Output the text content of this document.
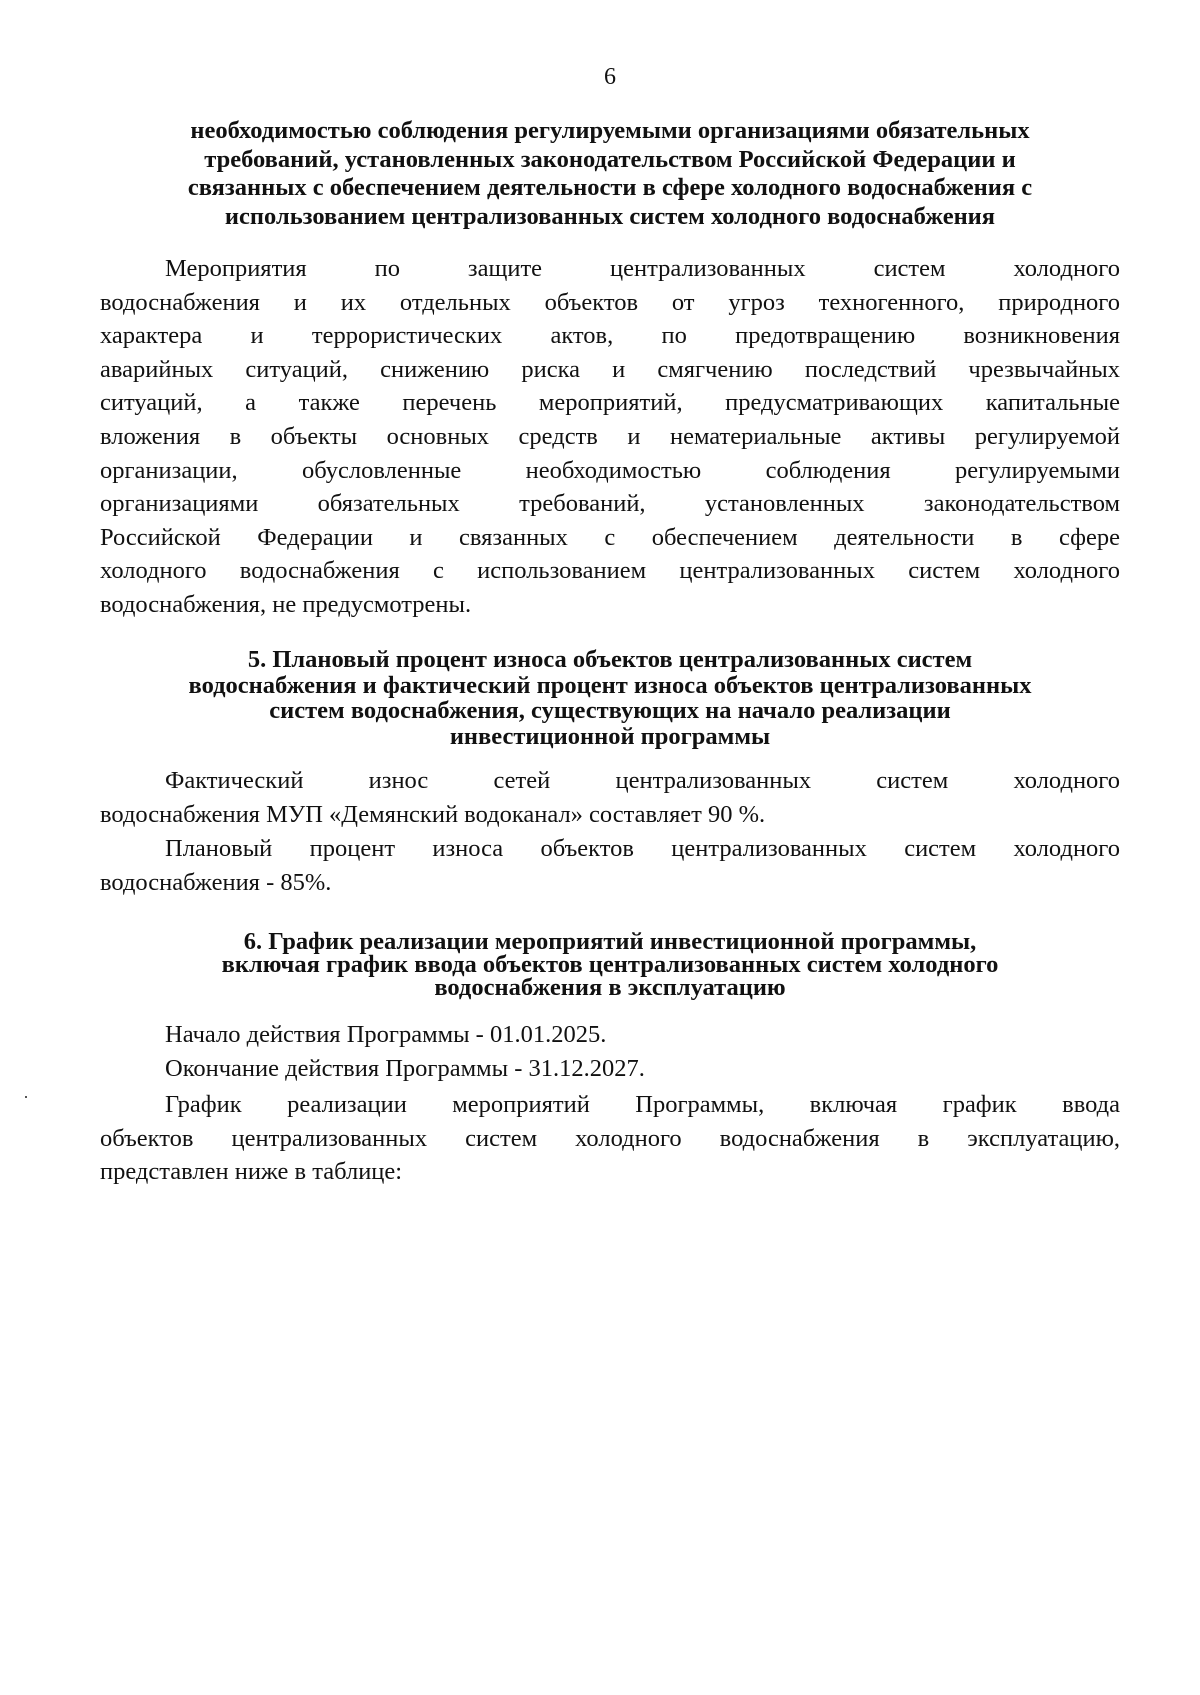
6
необходимостью соблюдения регулируемыми организациями обязательных
требований, установленных законодательством Российской Федерации и
связанных с обеспечением деятельности в сфере холодного водоснабжения с
использованием централизованных систем холодного водоснабжения

Мероприятия по защите централизованных систем холодного
водоснабжения и их отдельных объектов от угроз техногенного, природного
характера и террористических актов, по предотвращению возникновения
аварийных ситуаций, снижению риска и смягчению последствий чрезвычайных
ситуаций, а также перечень мероприятий, предусматривающих капитальные
вложения в объекты основных средств и нематериальные активы регулируемой
организации, обусловленные необходимостью соблюдения регулируемыми
организациями обязательных требований, установленных законодательством
Российской Федерации и связанных с обеспечением деятельности в сфере
холодного водоснабжения с использованием централизованных систем холодного
водоснабжения, не предусмотрены.

5. Плановый процент износа объектов централизованных систем
водоснабжения и фактический процент износа объектов централизованных
систем водоснабжения, существующих на начало реализации
инвестиционной программы

Фактический износ сетей централизованных систем холодного
водоснабжения МУП «Демянский водоканал» составляет 90 %.

Плановый процент износа объектов централизованных систем холодного
водоснабжения - 85%.

6. График реализации мероприятий инвестиционной программы,
включая график ввода объектов централизованных систем холодного
водоснабжения в эксплуатацию

Начало действия Программы - 01.01.2025.

Окончание действия Программы - 31.12.2027.

График реализации мероприятий Программы, включая график ввода
объектов централизованных систем холодного водоснабжения в эксплуатацию,
представлен ниже в таблице:
